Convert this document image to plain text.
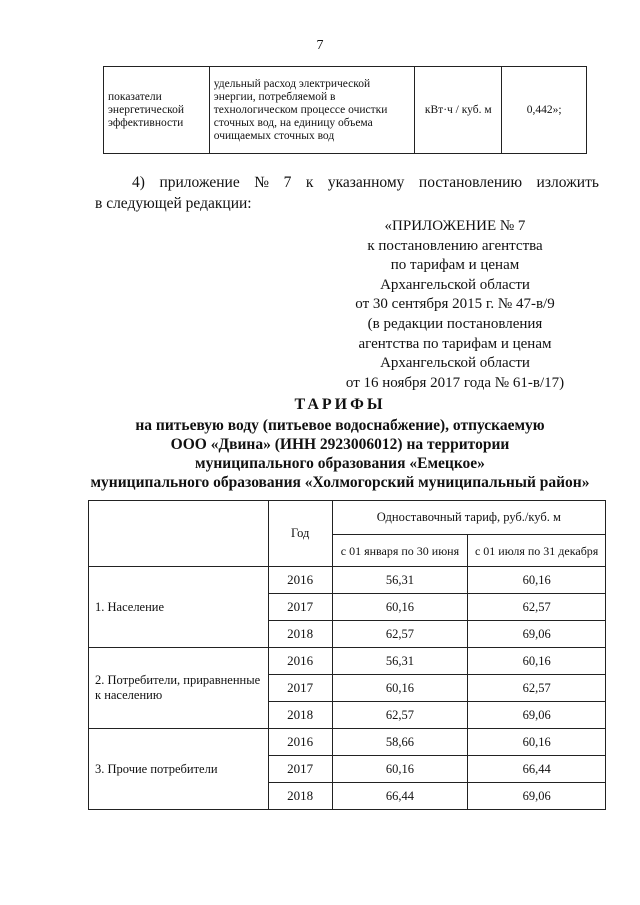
7
показатели энергетической эффективности	удельный расход электрической энергии, потребляемой в технологическом процессе очистки сточных вод, на единицу объема очищаемых сточных вод	кВт·ч / куб. м	0,442»;
4) приложение № 7 к указанному постановлению изложить
в следующей редакции:
«ПРИЛОЖЕНИЕ № 7
к постановлению агентства
по тарифам и ценам
Архангельской области
от 30 сентября 2015 г. № 47-в/9
(в редакции постановления
агентства по тарифам и ценам
Архангельской области
от 16 ноября 2017 года № 61-в/17)
ТАРИФЫ
на питьевую воду (питьевое водоснабжение), отпускаемую
ООО «Двина» (ИНН 2923006012) на территории
муниципального образования «Емецкое»
муниципального образования «Холмогорский муниципальный район»
	Год	Одноставочный тариф, руб./куб. м	
		с 01 января по 30 июня	с 01 июля по 31 декабря
1. Население	2016	56,31	60,16
	2017	60,16	62,57
	2018	62,57	69,06
2. Потребители, приравненные к населению	2016	56,31	60,16
	2017	60,16	62,57
	2018	62,57	69,06
3. Прочие потребители	2016	58,66	60,16
	2017	60,16	66,44
	2018	66,44	69,06
